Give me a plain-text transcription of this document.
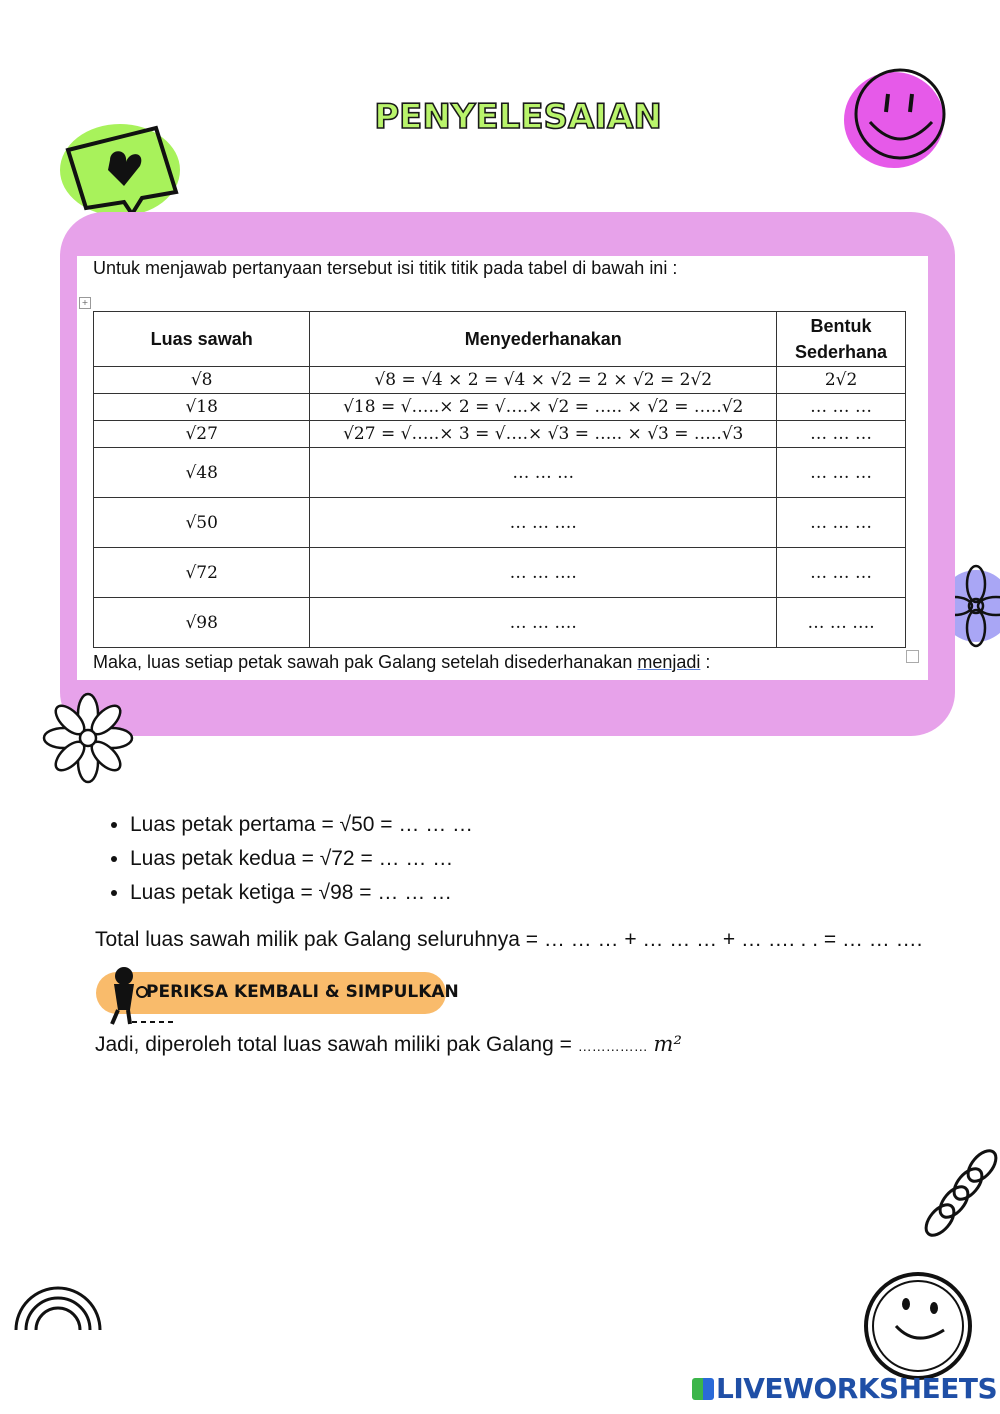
PENYELESAIAN
Untuk menjawab pertanyaan tersebut isi titik titik pada tabel di bawah ini :
+
Luas sawah	Menyederhanakan	Bentuk Sederhana
√8	√8 = √4 × 2 = √4 × √2 = 2 × √2 = 2√2	2√2
√18	√18 = √…..× 2 = √….× √2 = ….. × √2 = …..√2	… … …
√27	√27 = √…..× 3 = √….× √3 = ….. × √3 = …..√3	… … …
√48	… … …	… … …
√50	… … ….	… … …
√72	… … ….	… … …
√98	… … ….	… … ….
Maka, luas setiap petak sawah pak Galang setelah disederhanakan menjadi :
• Luas petak pertama = √50 = … … …
• Luas petak kedua = √72 = … … …
• Luas petak ketiga = √98 = … … …
Total luas sawah milik pak Galang seluruhnya = … … … + … … … + … …. . . = … … ….
PERIKSA KEMBALI & SIMPULKAN
Jadi, diperoleh total luas sawah miliki pak Galang = …………… m²
LIVEWORKSHEETS
